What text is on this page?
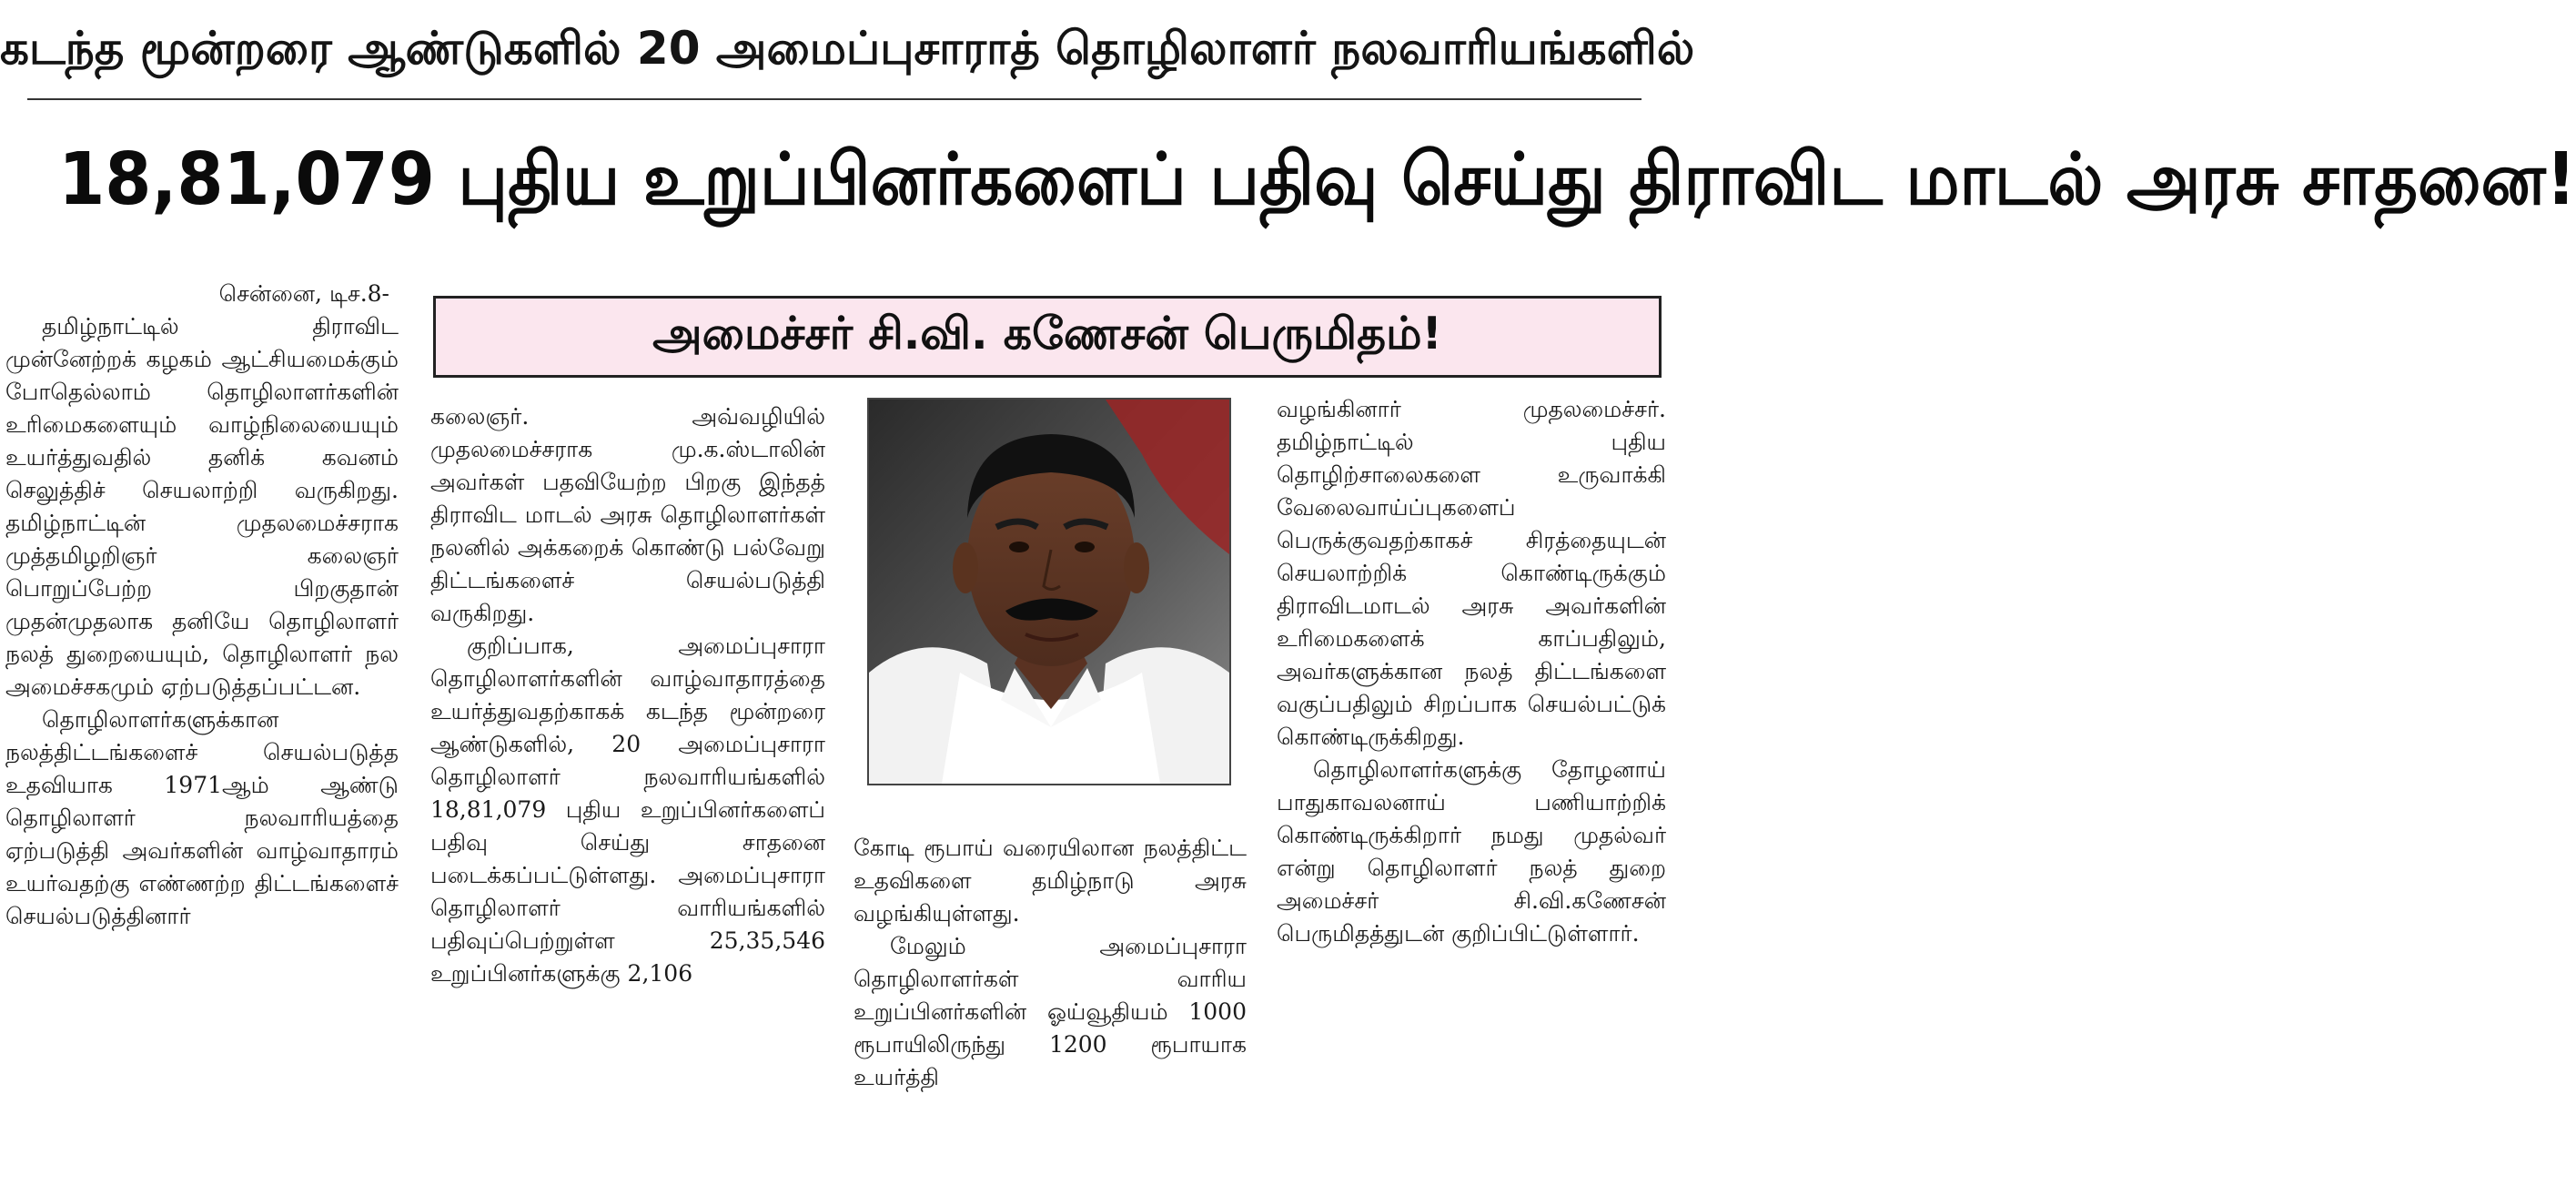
கடந்த மூன்றரை ஆண்டுகளில் 20 அமைப்புசாராத் தொழிலாளர் நலவாரியங்களில்
18,81,079 புதிய உறுப்பினர்களைப் பதிவு செய்து திராவிட மாடல் அரசு சாதனை!
அமைச்சர் சி.வி. கணேசன் பெருமிதம்!
சென்னை, டிச.8-

தமிழ்நாட்டில் திராவிட முன்னேற்றக் கழகம் ஆட்சியமைக்கும் போதெல்லாம் தொழிலாளர்களின் உரிமைகளையும் வாழ்நிலையையும் உயர்த்துவதில் தனிக் கவனம் செலுத்திச் செயலாற்றி வருகிறது. தமிழ்நாட்டின் முதலமைச்சராக முத்தமிழறிஞர் கலைஞர் பொறுப்பேற்ற பிறகுதான் முதன்முதலாக தனியே தொழிலாளர் நலத் துறையையும், தொழிலாளர் நல அமைச்சகமும் ஏற்படுத்தப்பட்டன.

தொழிலாளர்களுக்கான நலத்திட்டங்களைச் செயல்படுத்த உதவியாக 1971ஆம் ஆண்டு தொழிலாளர் நலவாரியத்தை ஏற்படுத்தி அவர்களின் வாழ்வாதாரம் உயர்வதற்கு எண்ணற்ற திட்டங்களைச் செயல்படுத்தினார்

கலைஞர். அவ்வழியில் முதலமைச்சராக மு.க.ஸ்டாலின் அவர்கள் பதவியேற்ற பிறகு இந்தத் திராவிட மாடல் அரசு தொழிலாளர்கள் நலனில் அக்கறைக் கொண்டு பல்வேறு திட்டங்களைச் செயல்படுத்தி வருகிறது.

குறிப்பாக, அமைப்புசாரா தொழிலாளர்களின் வாழ்வாதாரத்தை உயர்த்துவதற்காகக் கடந்த மூன்றரை ஆண்டுகளில், 20 அமைப்புசாரா தொழிலாளர் நலவாரியங்களில் 18,81,079 புதிய உறுப்பினர்களைப் பதிவு செய்து சாதனை படைக்கப்பட்டுள்ளது. அமைப்புசாரா தொழிலாளர் வாரியங்களில் பதிவுப்பெற்றுள்ள 25,35,546 உறுப்பினர்களுக்கு 2,106

கோடி ரூபாய் வரையிலான நலத்திட்ட உதவிகளை தமிழ்நாடு அரசு வழங்கியுள்ளது.

மேலும் அமைப்புசாரா தொழிலாளர்கள் வாரிய உறுப்பினர்களின் ஓய்வூதியம் 1000 ரூபாயிலிருந்து 1200 ரூபாயாக உயர்த்தி

வழங்கினார் முதலமைச்சர். தமிழ்நாட்டில் புதிய தொழிற்சாலைகளை உருவாக்கி வேலைவாய்ப்புகளைப் பெருக்குவதற்காகச் சிரத்தையுடன் செயலாற்றிக் கொண்டிருக்கும் திராவிடமாடல் அரசு அவர்களின் உரிமைகளைக் காப்பதிலும், அவர்களுக்கான நலத் திட்டங்களை வகுப்பதிலும் சிறப்பாக செயல்பட்டுக் கொண்டிருக்கிறது.

தொழிலாளர்களுக்கு தோழனாய் பாதுகாவலனாய் பணியாற்றிக் கொண்டிருக்கிறார் நமது முதல்வர் என்று தொழிலாளர் நலத் துறை அமைச்சர் சி.வி.கணேசன் பெருமிதத்துடன் குறிப்பிட்டுள்ளார்.
